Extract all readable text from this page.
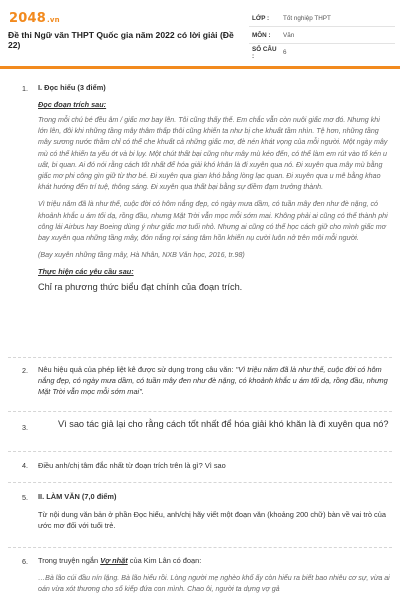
2048.vn
Đề thi Ngữ văn THPT Quốc gia năm 2022 có lời giải (Đề 22)
LỚP :	Tốt nghiệp THPT
MÔN :	Văn
SỐ CÂU :	6
1. I. Đọc hiểu (3 điểm)
Đọc đoạn trích sau:
Trong mỗi chú bé đều âm / giấc mơ bay lên. Tôi cũng thấy thế. Em chắc vẫn còn nuôi giấc mơ đó. Nhưng khi lớn lên, đôi khi những tầng mây thâm thấp thôi cũng khiến ta như bị che khuất tầm nhìn. Tệ hơn, những tầng mây sương nước thầm chỉ có thể che khuất cả những giấc mơ, đè nén khát vọng của mỗi người. Một ngày mây mù có thể khiến ta yếu ớt và bi lụy. Một chút thất bại cũng như mây mù kéo đến, có thể làm em rút vào tổ kén u uất, bi quan. Ai đó nói rằng cách tốt nhất để hóa giải khó khăn là đi xuyên qua nó. Đi xuyên qua mây mù bằng giấc mơ phi công gìn giữ từ thơ bé. Đi xuyên qua gian khó bằng lòng lạc quan. Đi xuyên qua u mê bằng khao khát hướng đến trí tuệ, thông sáng. Đi xuyên qua thất bại bằng sự điềm đạm trưởng thành.
Vì triệu năm đã là như thế, cuộc đời có hôm nắng đẹp, có ngày mưa dầm, có tuần mây đen như đè nặng, có khoảnh khắc u ám tối dạ, rồng đầu, nhưng Mặt Trời vẫn mọc mỗi sớm mai. Không phải ai cũng có thể thành phi công lái Airbus hay Boeing dùng ý như giấc mơ tuổi nhỏ. Nhưng ai cũng có thể học cách giữ cho mình giấc mơ bay xuyên qua những tầng mây, đón nắng rọi sáng tâm hồn khiến nụ cười luôn nở trên môi mỗi người.
(Bay xuyên những tầng mây, Hà Nhân, NXB Văn học, 2016, tr.98)
Thực hiện các yêu cầu sau:
Chỉ ra phương thức biểu đạt chính của đoạn trích.
2. Nêu hiệu quả của phép liệt kê được sử dụng trong câu văn: "Vì triệu năm đã là như thế, cuộc đời có hôm nắng đẹp, có ngày mưa dầm, có tuần mây đen như đè nặng, có khoảnh khắc u ám tối dạ, rồng đầu, nhưng Mặt Trời vẫn mọc mỗi sớm mai".
3.	Vì sao tác giả lại cho rằng cách tốt nhất để hóa giải khó khăn là đi xuyên qua nó?
4. Điều anh/chị tâm đắc nhất từ đoạn trích trên là gì? Vì sao
5. II. LÀM VĂN (7,0 điểm)
Từ nội dung văn bản ở phần Đọc hiểu, anh/chị hãy viết một đoạn văn (khoảng 200 chữ) bàn về vai trò của ước mơ đối với tuổi trẻ.
6. Trong truyện ngắn Vợ nhặt của Kim Lân có đoạn:
…Bà lão cúi đầu nín lặng. Bà lão hiểu rồi. Lòng người mẹ nghèo khổ ấy còn hiểu ra biết bao nhiêu cơ sự, vừa ai oán vừa xót thương cho số kiếp đứa con mình. Chao ôi, người ta dựng vợ gả
